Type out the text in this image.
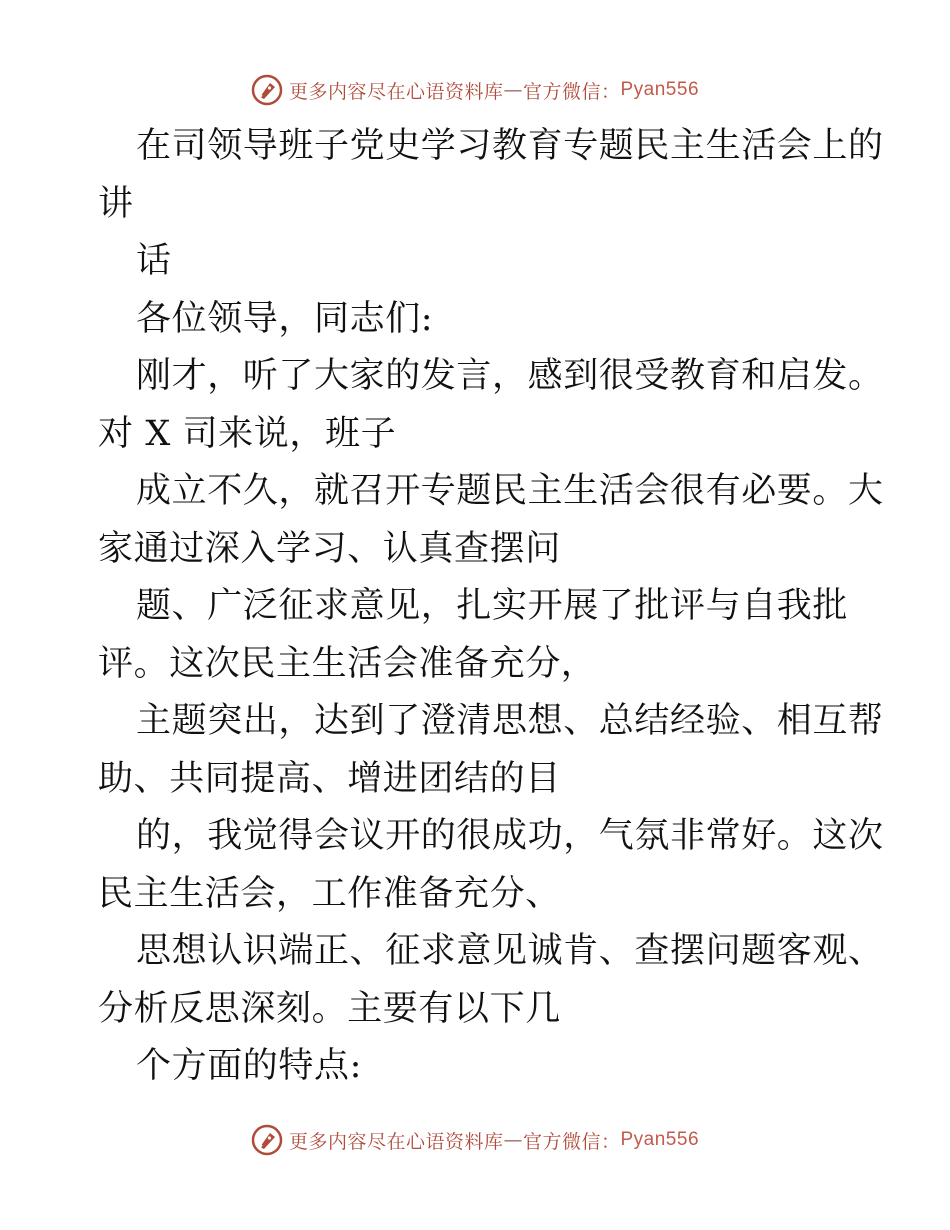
更多内容尽在心语资料库 — 官方微信： Pyan556
在司领导班子党史学习教育专题民主生活会上的
讲
话
各位领导，同志们:
刚才，听了大家的发言，感到很受教育和启发。
对 X 司来说，班子
成立不久，就召开专题民主生活会很有必要。大
家通过深入学习、认真查摆问
题、广泛征求意见，扎实开展了批评与自我批
评。这次民主生活会准备充分，
主题突出，达到了澄清思想、总结经验、相互帮
助、共同提高、增进团结的目
的，我觉得会议开的很成功，气氛非常好。这次
民主生活会，工作准备充分、
思想认识端正、征求意见诚肯、查摆问题客观、
分析反思深刻。主要有以下几
个方面的特点:
更多内容尽在心语资料库 — 官方微信： Pyan556
